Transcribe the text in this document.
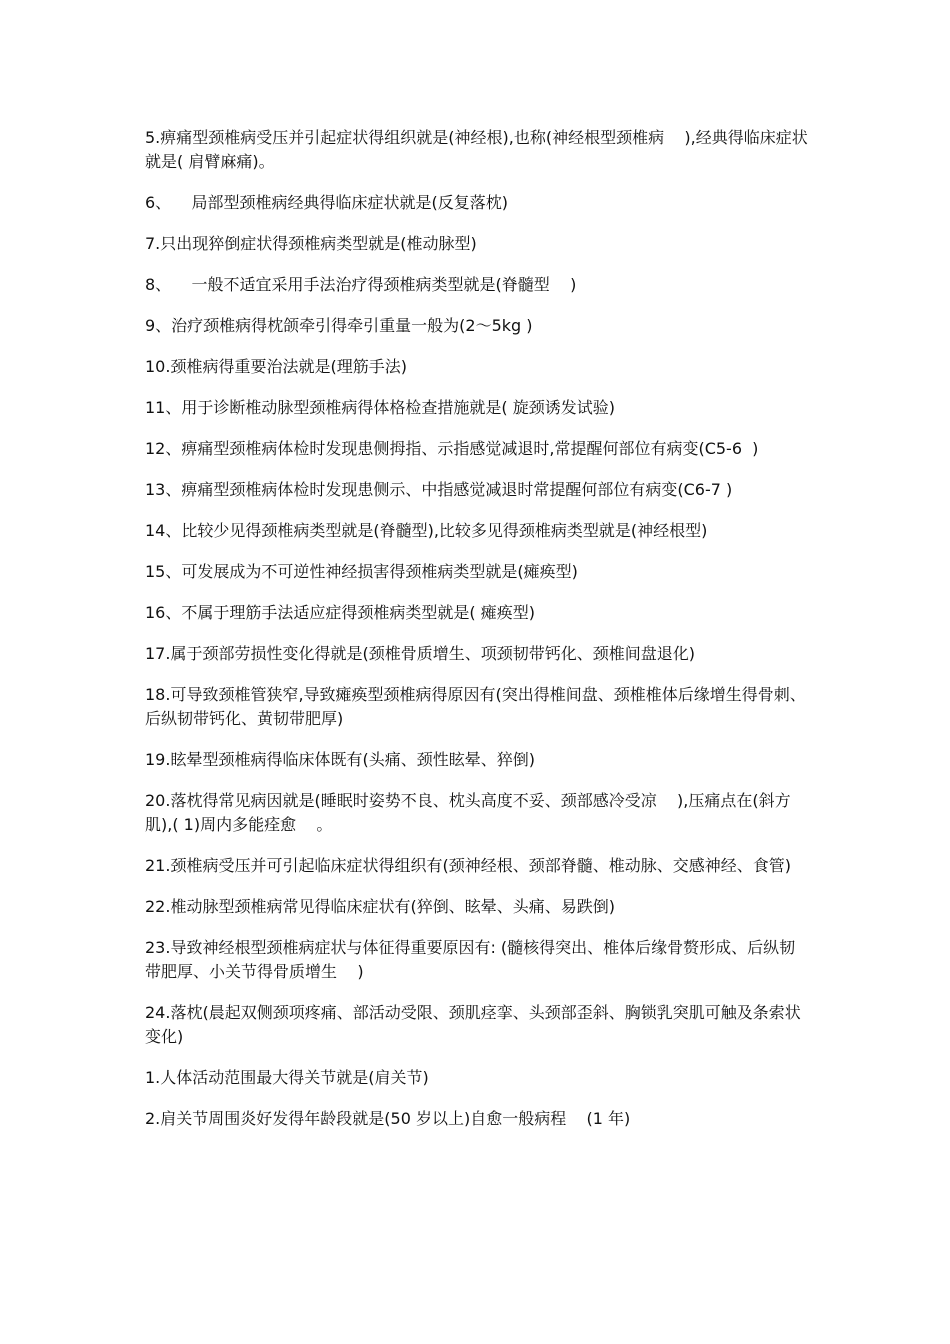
5.痹痛型颈椎病受压并引起症状得组织就是(神经根),也称(神经根型颈椎病    ),经典得临床症状就是( 肩臂麻痛)。

6、    局部型颈椎病经典得临床症状就是(反复落枕)

7.只出现猝倒症状得颈椎病类型就是(椎动脉型)

8、    一般不适宜采用手法治疗得颈椎病类型就是(脊髓型    )

9、治疗颈椎病得枕颌牵引得牵引重量一般为(2～5kg )

10.颈椎病得重要治法就是(理筋手法)

11、用于诊断椎动脉型颈椎病得体格检查措施就是( 旋颈诱发试验)

12、痹痛型颈椎病体检时发现患侧拇指、示指感觉减退时,常提醒何部位有病变(C5-6  )

13、痹痛型颈椎病体检时发现患侧示、中指感觉减退时常提醒何部位有病变(C6-7 )

14、比较少见得颈椎病类型就是(脊髓型),比较多见得颈椎病类型就是(神经根型)

15、可发展成为不可逆性神经损害得颈椎病类型就是(瘫痪型)

16、不属于理筋手法适应症得颈椎病类型就是( 瘫痪型)

17.属于颈部劳损性变化得就是(颈椎骨质增生、项颈韧带钙化、颈椎间盘退化)

18.可导致颈椎管狭窄,导致瘫痪型颈椎病得原因有(突出得椎间盘、颈椎椎体后缘增生得骨刺、后纵韧带钙化、黄韧带肥厚)

19.眩晕型颈椎病得临床体既有(头痛、颈性眩晕、猝倒)

20.落枕得常见病因就是(睡眠时姿势不良、枕头高度不妥、颈部感冷受凉    ),压痛点在(斜方肌),( 1)周内多能痊愈    。

21.颈椎病受压并可引起临床症状得组织有(颈神经根、颈部脊髓、椎动脉、交感神经、食管)

22.椎动脉型颈椎病常见得临床症状有(猝倒、眩晕、头痛、易跌倒)

23.导致神经根型颈椎病症状与体征得重要原因有: (髓核得突出、椎体后缘骨赘形成、后纵韧带肥厚、小关节得骨质增生    )

24.落枕(晨起双侧颈项疼痛、部活动受限、颈肌痉挛、头颈部歪斜、胸锁乳突肌可触及条索状变化)

1.人体活动范围最大得关节就是(肩关节)

2.肩关节周围炎好发得年龄段就是(50 岁以上)自愈一般病程    (1 年)
